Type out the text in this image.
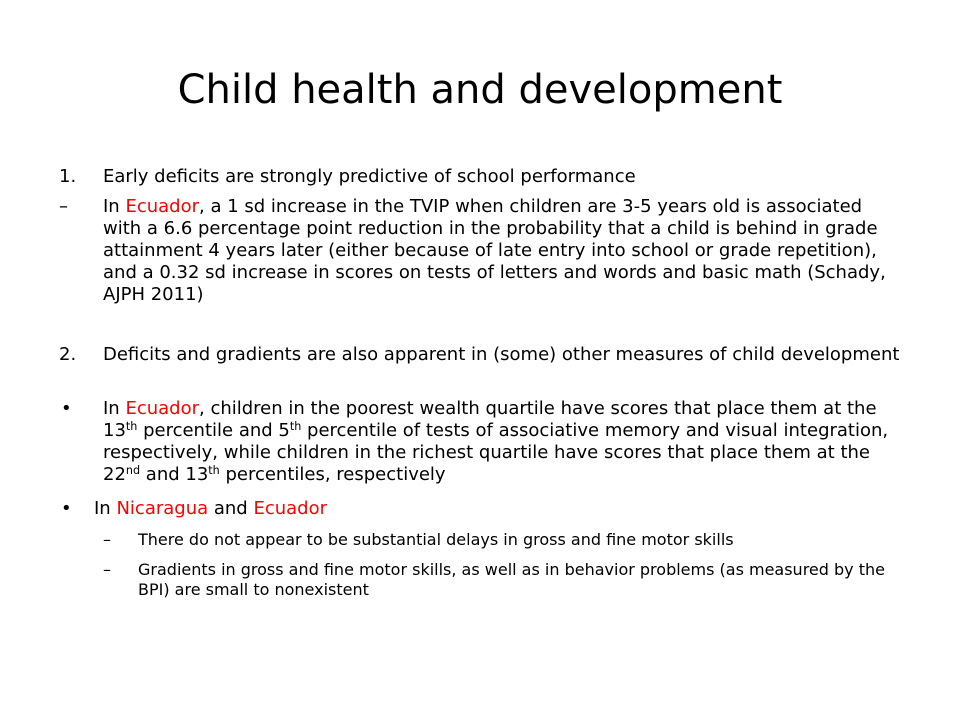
Child health and development
1. Early deficits are strongly predictive of school performance
– In Ecuador, a 1 sd increase in the TVIP when children are 3-5 years old is associated with a 6.6 percentage point reduction in the probability that a child is behind in grade attainment 4 years later (either because of late entry into school or grade repetition), and a 0.32 sd increase in scores on tests of letters and words and basic math (Schady, AJPH 2011)
2. Deficits and gradients are also apparent in (some) other measures of child development
• In Ecuador, children in the poorest wealth quartile have scores that place them at the 13th percentile and 5th percentile of tests of associative memory and visual integration, respectively, while children in the richest quartile have scores that place them at the 22nd and 13th percentiles, respectively
• In Nicaragua and Ecuador
– There do not appear to be substantial delays in gross and fine motor skills
– Gradients in gross and fine motor skills, as well as in behavior problems (as measured by the BPI) are small to nonexistent
